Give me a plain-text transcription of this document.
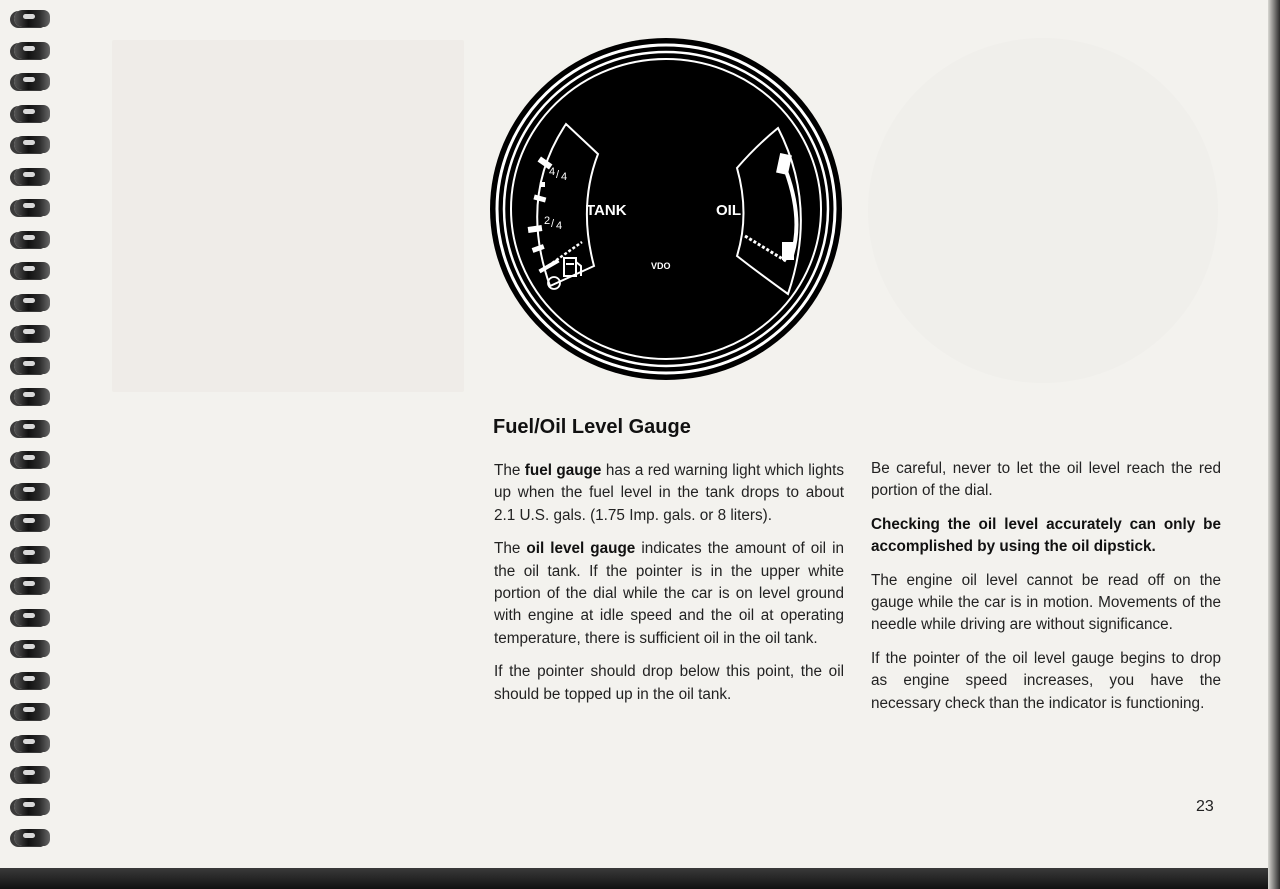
4 / 4
2 / 4
TANK	OIL
VDO
Fuel/Oil Level Gauge

The fuel gauge has a red warning light which lights up when the fuel level in the tank drops to about 2.1 U.S. gals. (1.75 Imp. gals. or 8 liters).

The oil level gauge indicates the amount of oil in the oil tank. If the pointer is in the upper white portion of the dial while the car is on level ground with engine at idle speed and the oil at operating temperature, there is sufficient oil in the oil tank.

If the pointer should drop below this point, the oil should be topped up in the oil tank.

Be careful, never to let the oil level reach the red portion of the dial.

Checking the oil level accurately can only be accomplished by using the oil dipstick.

The engine oil level cannot be read off on the gauge while the car is in motion. Movements of the needle while driving are without significance.

If the pointer of the oil level gauge begins to drop as engine speed increases, you have the necessary check than the indicator is functioning.

23
